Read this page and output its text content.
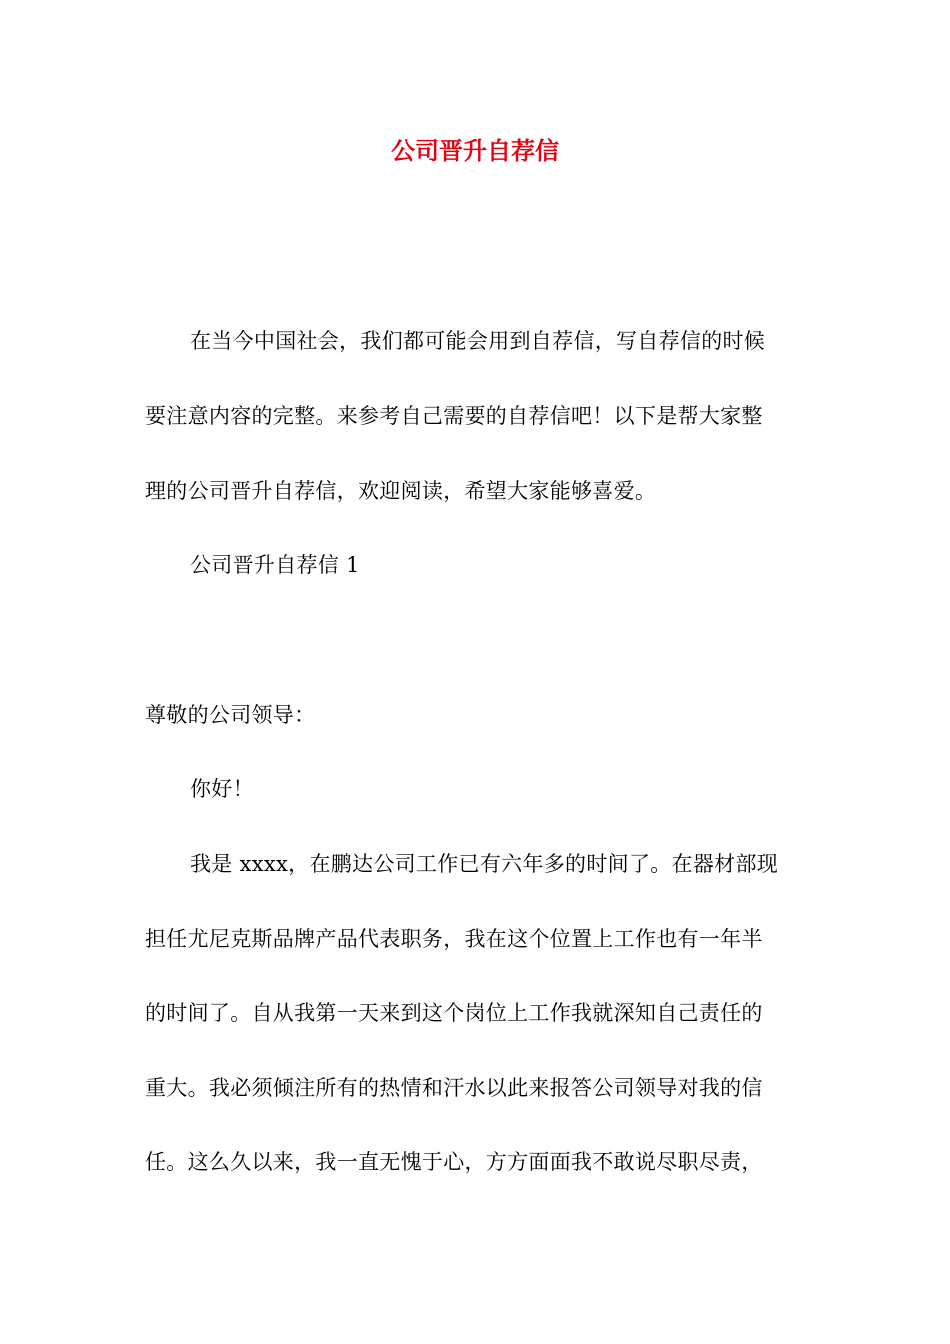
公司晋升自荐信
在当今中国社会，我们都可能会用到自荐信，写自荐信的时候
要注意内容的完整。来参考自己需要的自荐信吧！以下是帮大家整
理的公司晋升自荐信，欢迎阅读，希望大家能够喜爱。
公司晋升自荐信 1
尊敬的公司领导：
你好！
我是 xxxx，在鹏达公司工作已有六年多的时间了。在器材部现
担任尤尼克斯品牌产品代表职务，我在这个位置上工作也有一年半
的时间了。自从我第一天来到这个岗位上工作我就深知自己责任的
重大。我必须倾注所有的热情和汗水以此来报答公司领导对我的信
任。这么久以来，我一直无愧于心，方方面面我不敢说尽职尽责，
